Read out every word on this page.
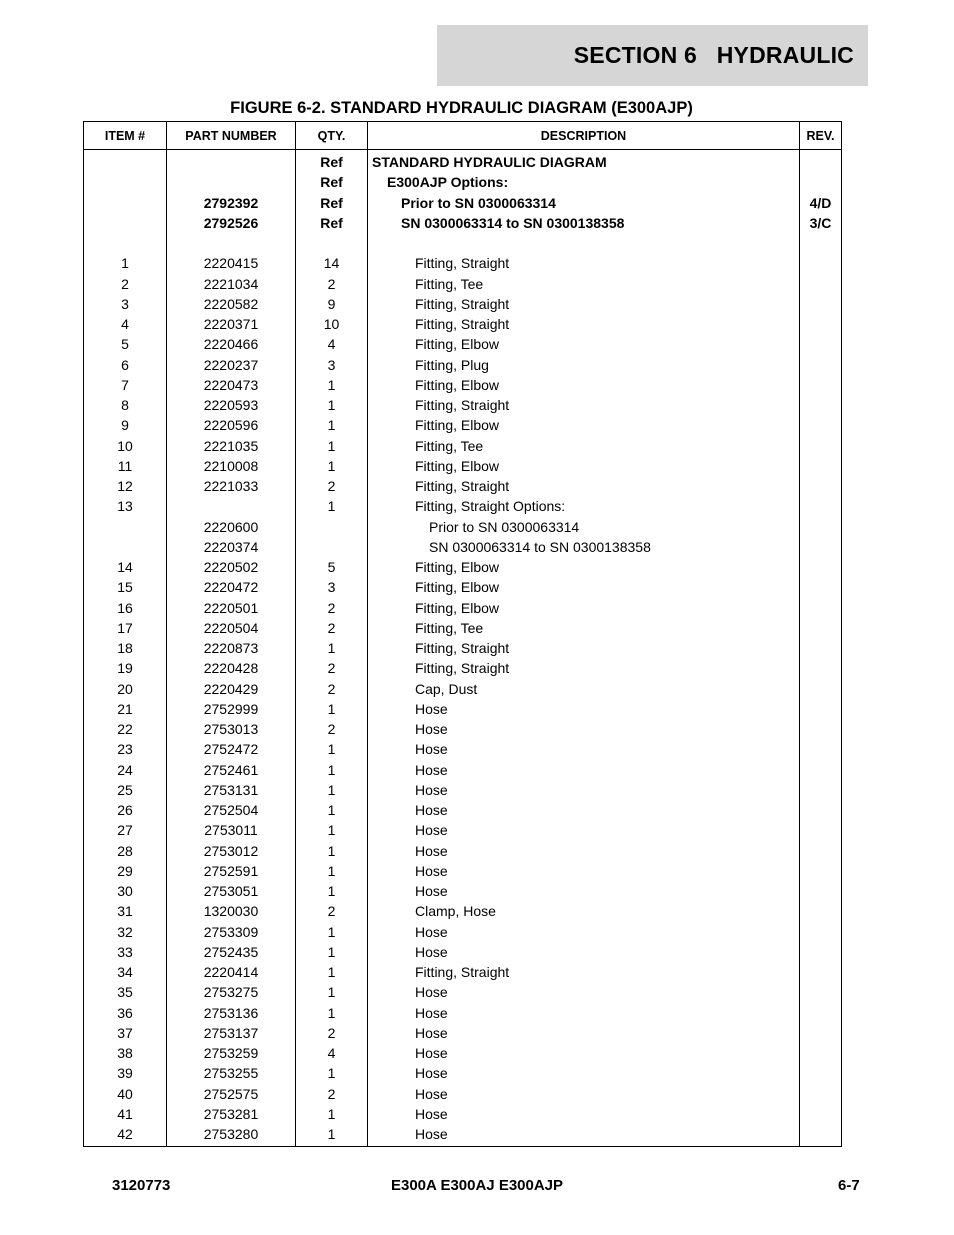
SECTION 6   HYDRAULIC
FIGURE 6-2. STANDARD HYDRAULIC DIAGRAM (E300AJP)
ITEM #	PART NUMBER	QTY.	DESCRIPTION	REV.
		Ref	STANDARD HYDRAULIC DIAGRAM	
		Ref	E300AJP Options:	
	2792392	Ref	Prior to SN 0300063314	4/D
	2792526	Ref	SN 0300063314 to SN 0300138358	3/C

1	2220415	14	Fitting, Straight	
2	2221034	2	Fitting, Tee	
3	2220582	9	Fitting, Straight	
4	2220371	10	Fitting, Straight	
5	2220466	4	Fitting, Elbow	
6	2220237	3	Fitting, Plug	
7	2220473	1	Fitting, Elbow	
8	2220593	1	Fitting, Straight	
9	2220596	1	Fitting, Elbow	
10	2221035	1	Fitting, Tee	
11	2210008	1	Fitting, Elbow	
12	2221033	2	Fitting, Straight	
13		1	Fitting, Straight Options:	
	2220600		Prior to SN 0300063314	
	2220374		SN 0300063314 to SN 0300138358	
14	2220502	5	Fitting, Elbow	
15	2220472	3	Fitting, Elbow	
16	2220501	2	Fitting, Elbow	
17	2220504	2	Fitting, Tee	
18	2220873	1	Fitting, Straight	
19	2220428	2	Fitting, Straight	
20	2220429	2	Cap, Dust	
21	2752999	1	Hose	
22	2753013	2	Hose	
23	2752472	1	Hose	
24	2752461	1	Hose	
25	2753131	1	Hose	
26	2752504	1	Hose	
27	2753011	1	Hose	
28	2753012	1	Hose	
29	2752591	1	Hose	
30	2753051	1	Hose	
31	1320030	2	Clamp, Hose	
32	2753309	1	Hose	
33	2752435	1	Hose	
34	2220414	1	Fitting, Straight	
35	2753275	1	Hose	
36	2753136	1	Hose	
37	2753137	2	Hose	
38	2753259	4	Hose	
39	2753255	1	Hose	
40	2752575	2	Hose	
41	2753281	1	Hose	
42	2753280	1	Hose	
3120773	E300A E300AJ E300AJP	6-7
